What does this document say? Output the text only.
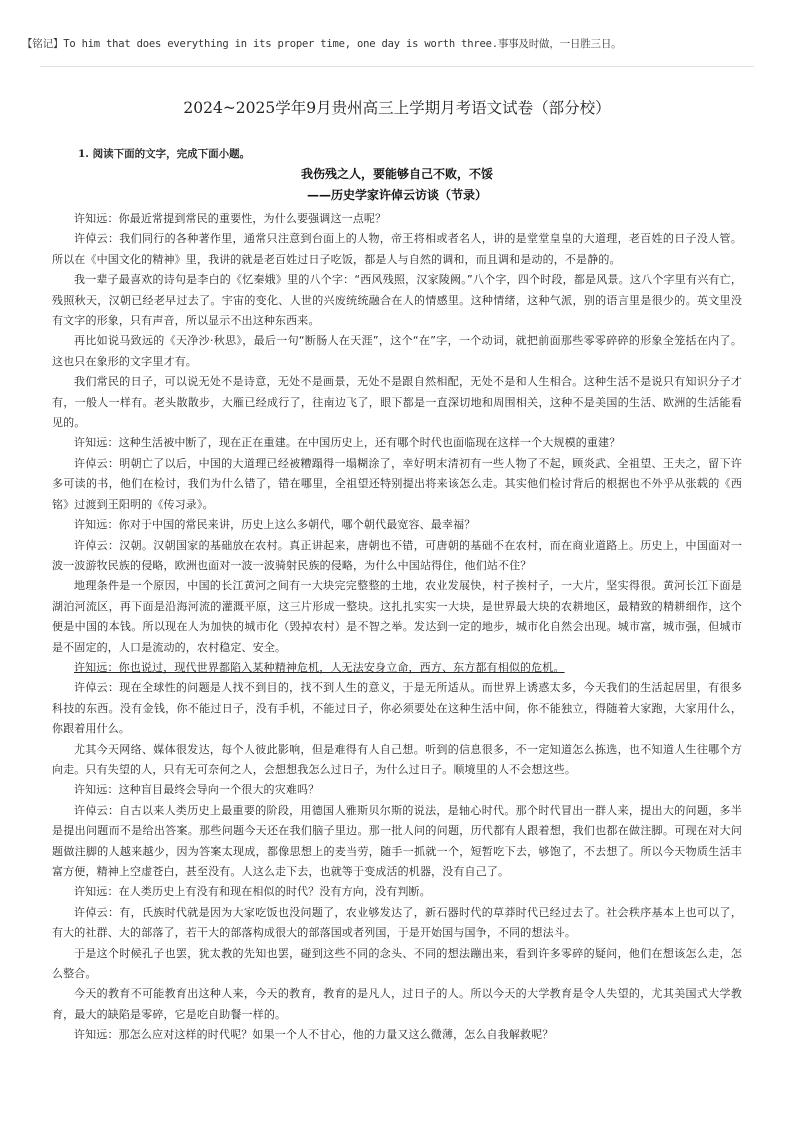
【铭记】To him that does everything in its proper time, one day is worth three.事事及时做，一日胜三日。
2024~2025学年9月贵州高三上学期月考语文试卷（部分校）
1. 阅读下面的文字，完成下面小题。
我伤残之人，要能够自己不败，不馁
——历史学家许倬云访谈（节录）

许知远：你最近常提到常民的重要性，为什么要强调这一点呢？

许倬云：我们同行的各种著作里，通常只注意到台面上的人物，帝王将相或者名人，讲的是堂堂皇皇的大道理，老百姓的日子没人管。所以在《中国文化的精神》里，我讲的就是老百姓过日子吃饭，都是人与自然的调和，而且调和是动的，不是静的。

我一辈子最喜欢的诗句是李白的《忆秦娥》里的八个字：“西风残照，汉家陵阙。”八个字，四个时段，都是风景。这八个字里有兴有亡，残照秋天，汉朝已经老早过去了。宇宙的变化、人世的兴废统统融合在人的情感里。这种情绪，这种气派，别的语言里是很少的。英文里没有文字的形象，只有声音，所以显示不出这种东西来。

再比如说马致远的《天净沙·秋思》，最后一句“断肠人在天涯”，这个“在”字，一个动词，就把前面那些零零碎碎的形象全笼括在内了。这也只在象形的文字里才有。

我们常民的日子，可以说无处不是诗意，无处不是画景，无处不是跟自然相配，无处不是和人生相合。这种生活不是说只有知识分子才有，一般人一样有。老头散散步，大雁已经成行了，往南边飞了，眼下都是一直深切地和周围相关，这种不是美国的生活、欧洲的生活能看见的。

许知远：这种生活被中断了，现在正在重建。在中国历史上，还有哪个时代也面临现在这样一个大规模的重建？

许倬云：明朝亡了以后，中国的大道理已经被糟蹋得一塌糊涂了，幸好明末清初有一些人物了不起，顾炎武、全祖望、王夫之，留下许多可读的书，他们在检讨，我们为什么错了，错在哪里，全祖望还特别提出将来该怎么走。其实他们检讨背后的根据也不外乎从张载的《西铭》过渡到王阳明的《传习录》。

许知远：你对于中国的常民来讲，历史上这么多朝代，哪个朝代最宽容、最幸福？

许倬云：汉朝。汉朝国家的基础放在农村。真正讲起来，唐朝也不错，可唐朝的基础不在农村，而在商业道路上。历史上，中国面对一波一波游牧民族的侵略，欧洲也面对一波一波骑射民族的侵略，为什么中国站得住，他们站不住？

地理条件是一个原因，中国的长江黄河之间有一大块完完整整的土地，农业发展快，村子挨村子，一大片，坚实得很。黄河长江下面是湖泊河流区，再下面是沿海河流的灌溉平原，这三片形成一整块。这扎扎实实一大块，是世界最大块的农耕地区，最精致的精耕细作，这个便是中国的本钱。所以现在人为加快的城市化（毁掉农村）是不智之举。发达到一定的地步，城市化自然会出现。城市富，城市强，但城市是不固定的，人口是流动的，农村稳定、安全。

许知远：你也说过，现代世界都陷入某种精神危机，人无法安身立命，西方、东方都有相似的危机。

许倬云：现在全球性的问题是人找不到目的，找不到人生的意义，于是无所适从。而世界上诱惑太多，今天我们的生活起居里，有很多科技的东西。没有金钱，你不能过日子，没有手机，不能过日子，你必须要处在这种生活中间，你不能独立，得随着大家跑，大家用什么，你跟着用什么。

尤其今天网络、媒体很发达，每个人彼此影响，但是难得有人自己想。听到的信息很多，不一定知道怎么拣选，也不知道人生往哪个方向走。只有失望的人，只有无可奈何之人，会想想我怎么过日子，为什么过日子。顺境里的人不会想这些。

许知远：这种盲目最终会导向一个很大的灾难吗？

许倬云：自古以来人类历史上最重要的阶段，用德国人雅斯贝尔斯的说法，是轴心时代。那个时代冒出一群人来，提出大的问题，多半是提出问题而不是给出答案。那些问题今天还在我们脑子里边。那一批人问的问题，历代都有人跟着想，我们也都在做注脚。可现在对大问题做注脚的人越来越少，因为答案太现成，都像思想上的麦当劳，随手一抓就一个，短暂吃下去，够饱了，不去想了。所以今天物质生活丰富方便，精神上空虚苍白，甚至没有。人这么走下去，也就等于变成活的机器，没有自己了。

许知远：在人类历史上有没有和现在相似的时代？没有方向，没有判断。

许倬云：有，氏族时代就是因为大家吃饭也没问题了，农业够发达了，新石器时代的草莽时代已经过去了。社会秩序基本上也可以了，有大的社群、大的部落了，若干大的部落构成很大的部落国或者列国，于是开始国与国争，不同的想法斗。

于是这个时候孔子也罢，犹太教的先知也罢，碰到这些不同的念头、不同的想法蹦出来，看到许多零碎的疑问，他们在想该怎么走，怎么整合。

今天的教育不可能教育出这种人来，今天的教育，教育的是凡人，过日子的人。所以今天的大学教育是令人失望的，尤其美国式大学教育，最大的缺陷是零碎，它是吃自助餐一样的。

许知远：那怎么应对这样的时代呢？如果一个人不甘心，他的力量又这么微薄，怎么自我解救呢？
